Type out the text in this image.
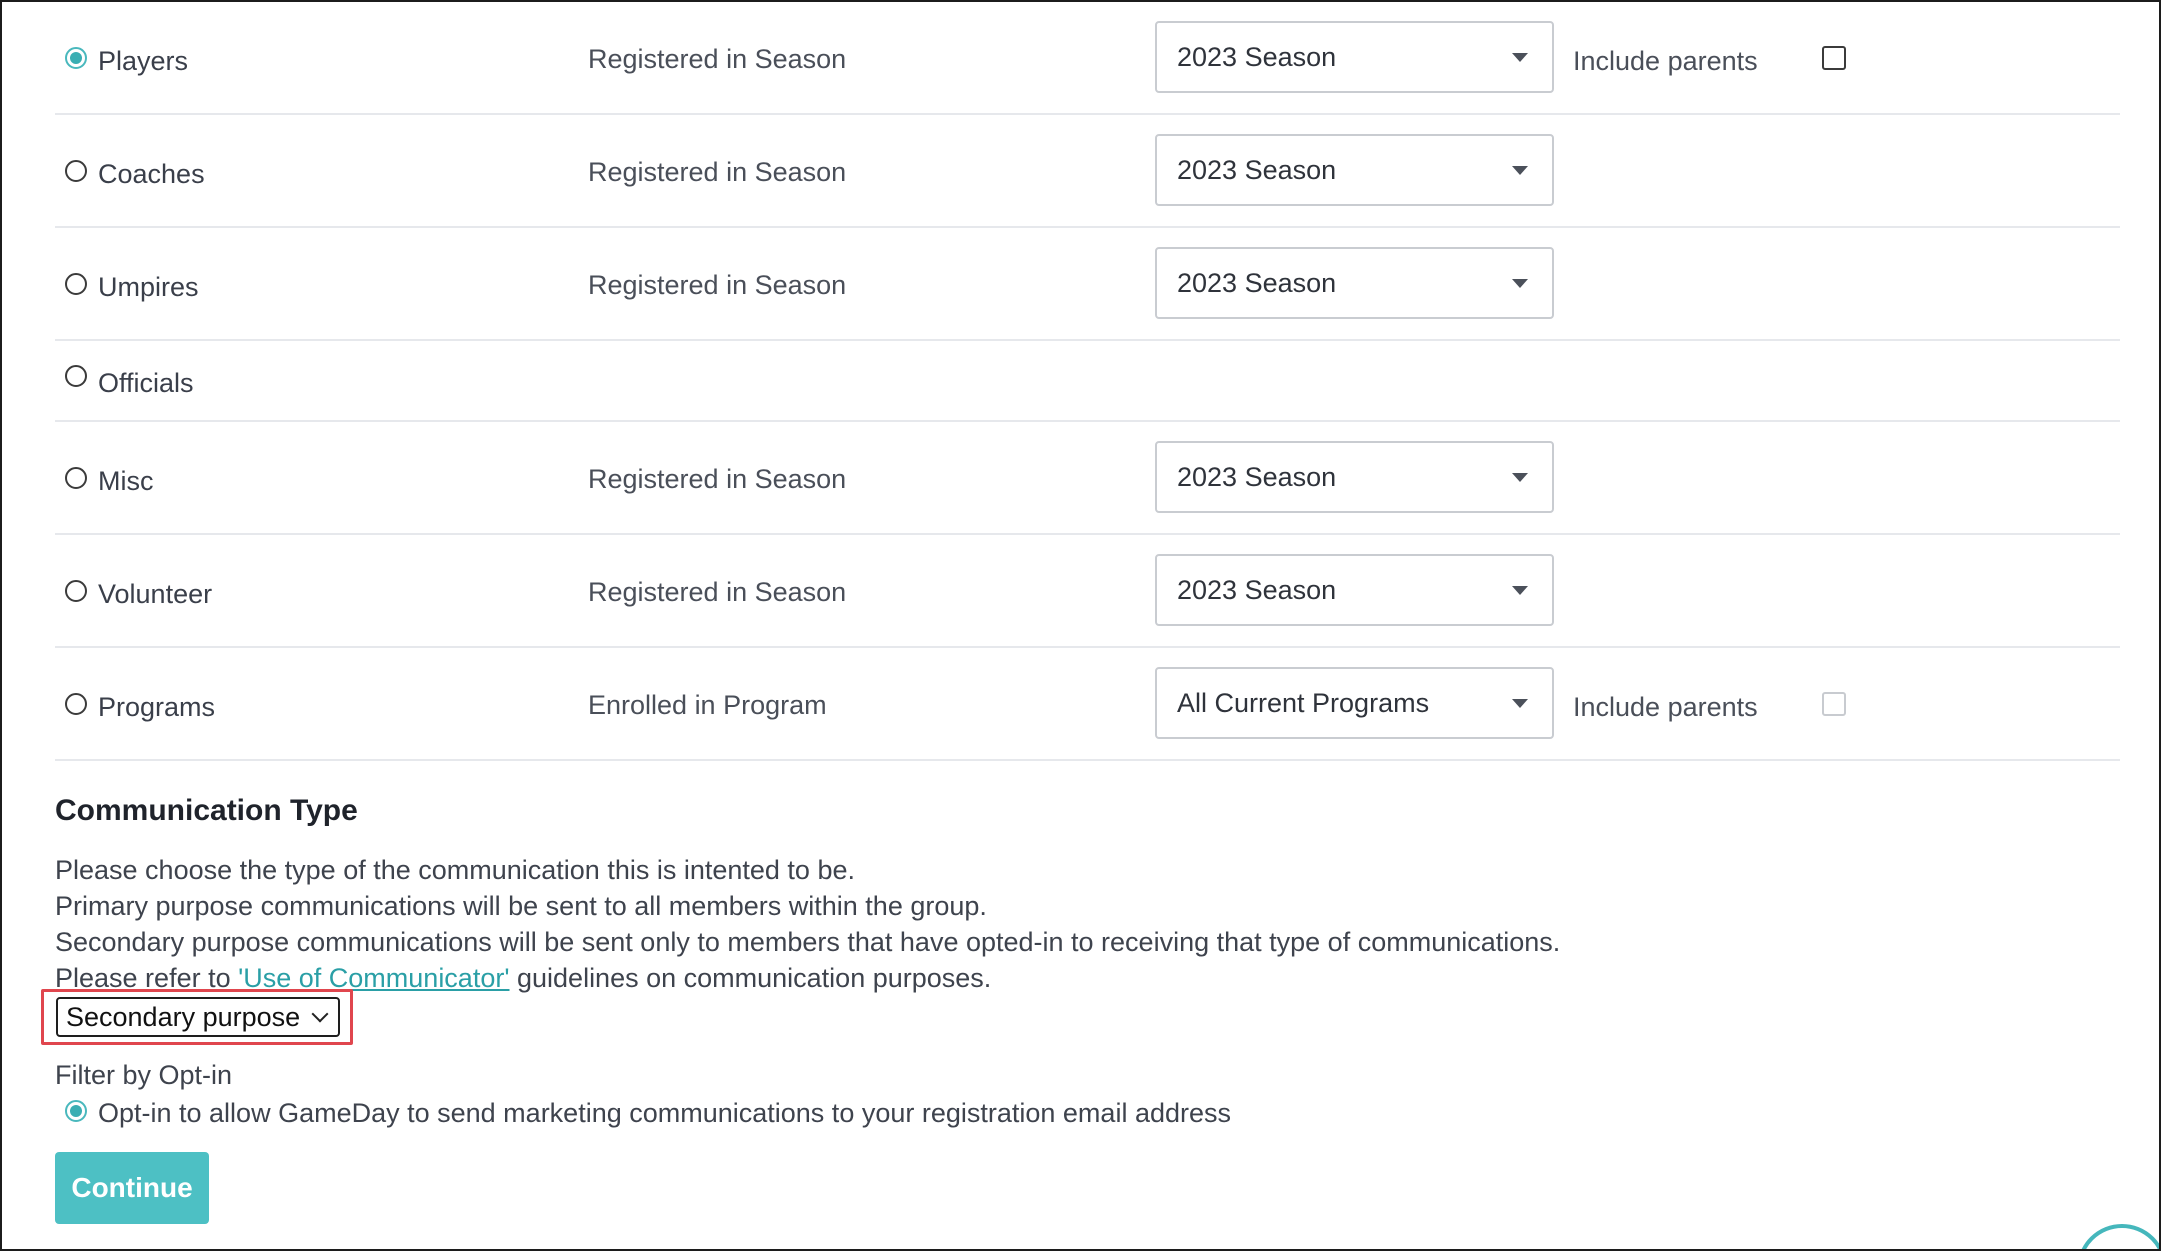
Players	Registered in Season	2023 Season	Include parents
Coaches	Registered in Season	2023 Season
Umpires	Registered in Season	2023 Season
Officials
Misc	Registered in Season	2023 Season
Volunteer	Registered in Season	2023 Season
Programs	Enrolled in Program	All Current Programs	Include parents
Communication Type
Please choose the type of the communication this is intented to be.
Primary purpose communications will be sent to all members within the group.
Secondary purpose communications will be sent only to members that have opted-in to receiving that type of communications.
Please refer to 'Use of Communicator' guidelines on communication purposes.
Secondary purpose
Filter by Opt-in
Opt-in to allow GameDay to send marketing communications to your registration email address
Continue
